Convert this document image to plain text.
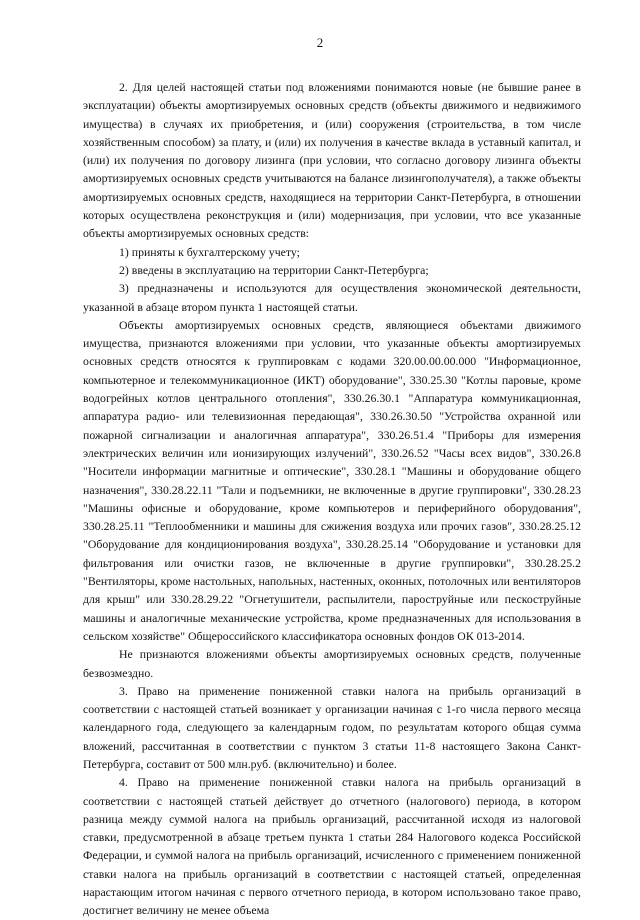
2

2. Для целей настоящей статьи под вложениями понимаются новые (не бывшие ранее в эксплуатации) объекты амортизируемых основных средств (объекты движимого и недвижимого имущества) в случаях их приобретения, и (или) сооружения (строительства, в том числе хозяйственным способом) за плату, и (или) их получения в качестве вклада в уставный капитал, и (или) их получения по договору лизинга (при условии, что согласно договору лизинга объекты амортизируемых основных средств учитываются на балансе лизингополучателя), а также объекты амортизируемых основных средств, находящиеся на территории Санкт-Петербурга, в отношении которых осуществлена реконструкция и (или) модернизация, при условии, что все указанные объекты амортизируемых основных средств:

1) приняты к бухгалтерскому учету;

2) введены в эксплуатацию на территории Санкт-Петербурга;

3) предназначены и используются для осуществления экономической деятельности, указанной в абзаце втором пункта 1 настоящей статьи.

Объекты амортизируемых основных средств, являющиеся объектами движимого имущества, признаются вложениями при условии, что указанные объекты амортизируемых основных средств относятся к группировкам с кодами 320.00.00.00.000 "Информационное, компьютерное и телекоммуникационное (ИКТ) оборудование", 330.25.30 "Котлы паровые, кроме водогрейных котлов центрального отопления", 330.26.30.1 "Аппаратура коммуникационная, аппаратура радио- или телевизионная передающая", 330.26.30.50 "Устройства охранной или пожарной сигнализации и аналогичная аппаратура", 330.26.51.4 "Приборы для измерения электрических величин или ионизирующих излучений", 330.26.52 "Часы всех видов", 330.26.8 "Носители информации магнитные и оптические", 330.28.1 "Машины и оборудование общего назначения", 330.28.22.11 "Тали и подъемники, не включенные в другие группировки", 330.28.23 "Машины офисные и оборудование, кроме компьютеров и периферийного оборудования", 330.28.25.11 "Теплообменники и машины для сжижения воздуха или прочих газов", 330.28.25.12 "Оборудование для кондиционирования воздуха", 330.28.25.14 "Оборудование и установки для фильтрования или очистки газов, не включенные в другие группировки", 330.28.25.2 "Вентиляторы, кроме настольных, напольных, настенных, оконных, потолочных или вентиляторов для крыш" или 330.28.29.22 "Огнетушители, распылители, пароструйные или пескоструйные машины и аналогичные механические устройства, кроме предназначенных для использования в сельском хозяйстве" Общероссийского классификатора основных фондов ОК 013-2014.

Не признаются вложениями объекты амортизируемых основных средств, полученные безвозмездно.

3. Право на применение пониженной ставки налога на прибыль организаций в соответствии с настоящей статьей возникает у организации начиная с 1-го числа первого месяца календарного года, следующего за календарным годом, по результатам которого общая сумма вложений, рассчитанная в соответствии с пунктом 3 статьи 11-8 настоящего Закона Санкт-Петербурга, составит от 500 млн.руб. (включительно) и более.

4. Право на применение пониженной ставки налога на прибыль организаций в соответствии с настоящей статьей действует до отчетного (налогового) периода, в котором разница между суммой налога на прибыль организаций, рассчитанной исходя из налоговой ставки, предусмотренной в абзаце третьем пункта 1 статьи 284 Налогового кодекса Российской Федерации, и суммой налога на прибыль организаций, исчисленного с применением пониженной ставки налога на прибыль организаций в соответствии с настоящей статьей, определенная нарастающим итогом начиная с первого отчетного периода, в котором использовано такое право, достигнет величину не менее объема
